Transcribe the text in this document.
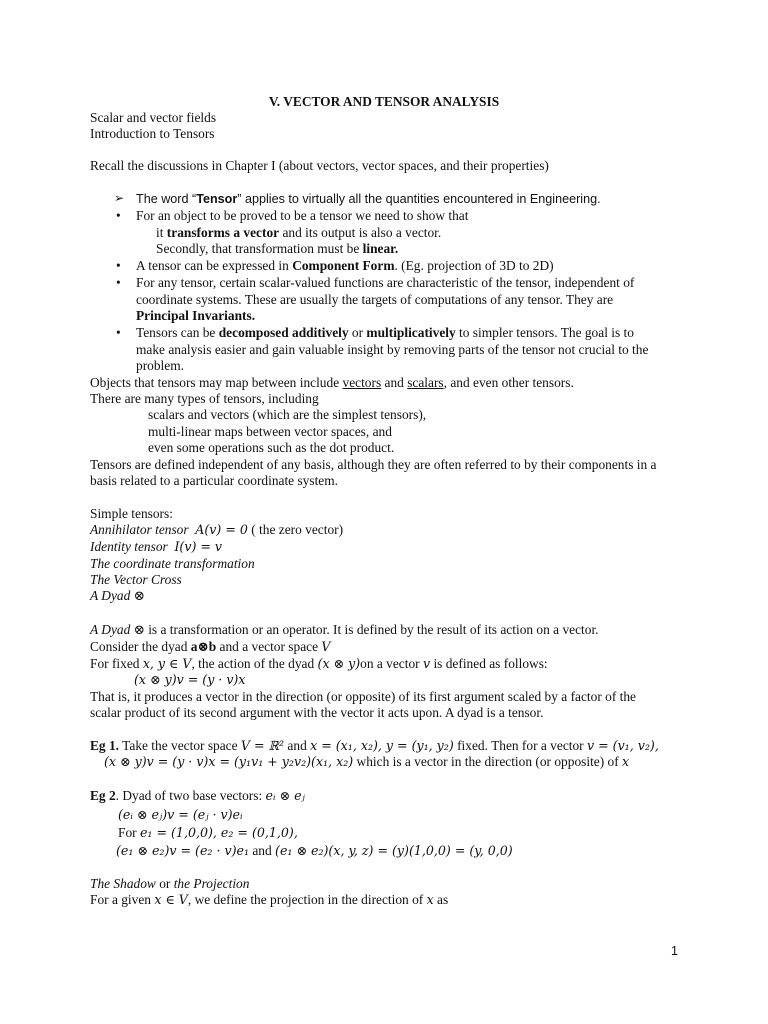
V. VECTOR AND TENSOR ANALYSIS
Scalar and vector fields
Introduction to Tensors
Recall the discussions in Chapter I (about vectors, vector spaces, and their properties)
➢ The word “Tensor” applies to virtually all the quantities encountered in Engineering.
• For an object to be proved to be a tensor we need to show that
it transforms a vector and its output is also a vector.
Secondly, that transformation must be linear.
• A tensor can be expressed in Component Form. (Eg. projection of 3D to 2D)
• For any tensor, certain scalar-valued functions are characteristic of the tensor, independent of
coordinate systems. These are usually the targets of computations of any tensor. They are
Principal Invariants.
• Tensors can be decomposed additively or multiplicatively to simpler tensors. The goal is to
make analysis easier and gain valuable insight by removing parts of the tensor not crucial to the
problem.
Objects that tensors may map between include vectors and scalars, and even other tensors.
There are many types of tensors, including
scalars and vectors (which are the simplest tensors),
multi-linear maps between vector spaces, and
even some operations such as the dot product.
Tensors are defined independent of any basis, although they are often referred to by their components in a
basis related to a particular coordinate system.
Simple tensors:
Annihilator tensor A(v) = 0 ( the zero vector)
Identity tensor I(v) = v
The coordinate transformation
The Vector Cross
A Dyad ⊗
A Dyad ⊗ is a transformation or an operator. It is defined by the result of its action on a vector.
Consider the dyad a⊗b and a vector space V
For fixed x, y ∈ V, the action of the dyad (x ⊗ y)on a vector v is defined as follows:
(x ⊗ y)v = (y · v)x
That is, it produces a vector in the direction (or opposite) of its first argument scaled by a factor of the
scalar product of its second argument with the vector it acts upon. A dyad is a tensor.
Eg 1. Take the vector space V = ℝ² and x = (x₁, x₂), y = (y₁, y₂) fixed. Then for a vector v = (v₁, v₂),
(x ⊗ y)v = (y · v)x = (y₁v₁ + y₂v₂)(x₁, x₂) which is a vector in the direction (or opposite) of x
Eg 2. Dyad of two base vectors: eᵢ ⊗ eⱼ
(eᵢ ⊗ eⱼ)v = (eⱼ · v)eᵢ
For e₁ = (1,0,0), e₂ = (0,1,0),
(e₁ ⊗ e₂)v = (e₂ · v)e₁ and (e₁ ⊗ e₂)(x, y, z) = (y)(1,0,0) = (y, 0,0)
The Shadow or the Projection
For a given x ∈ V, we define the projection in the direction of x as
1
